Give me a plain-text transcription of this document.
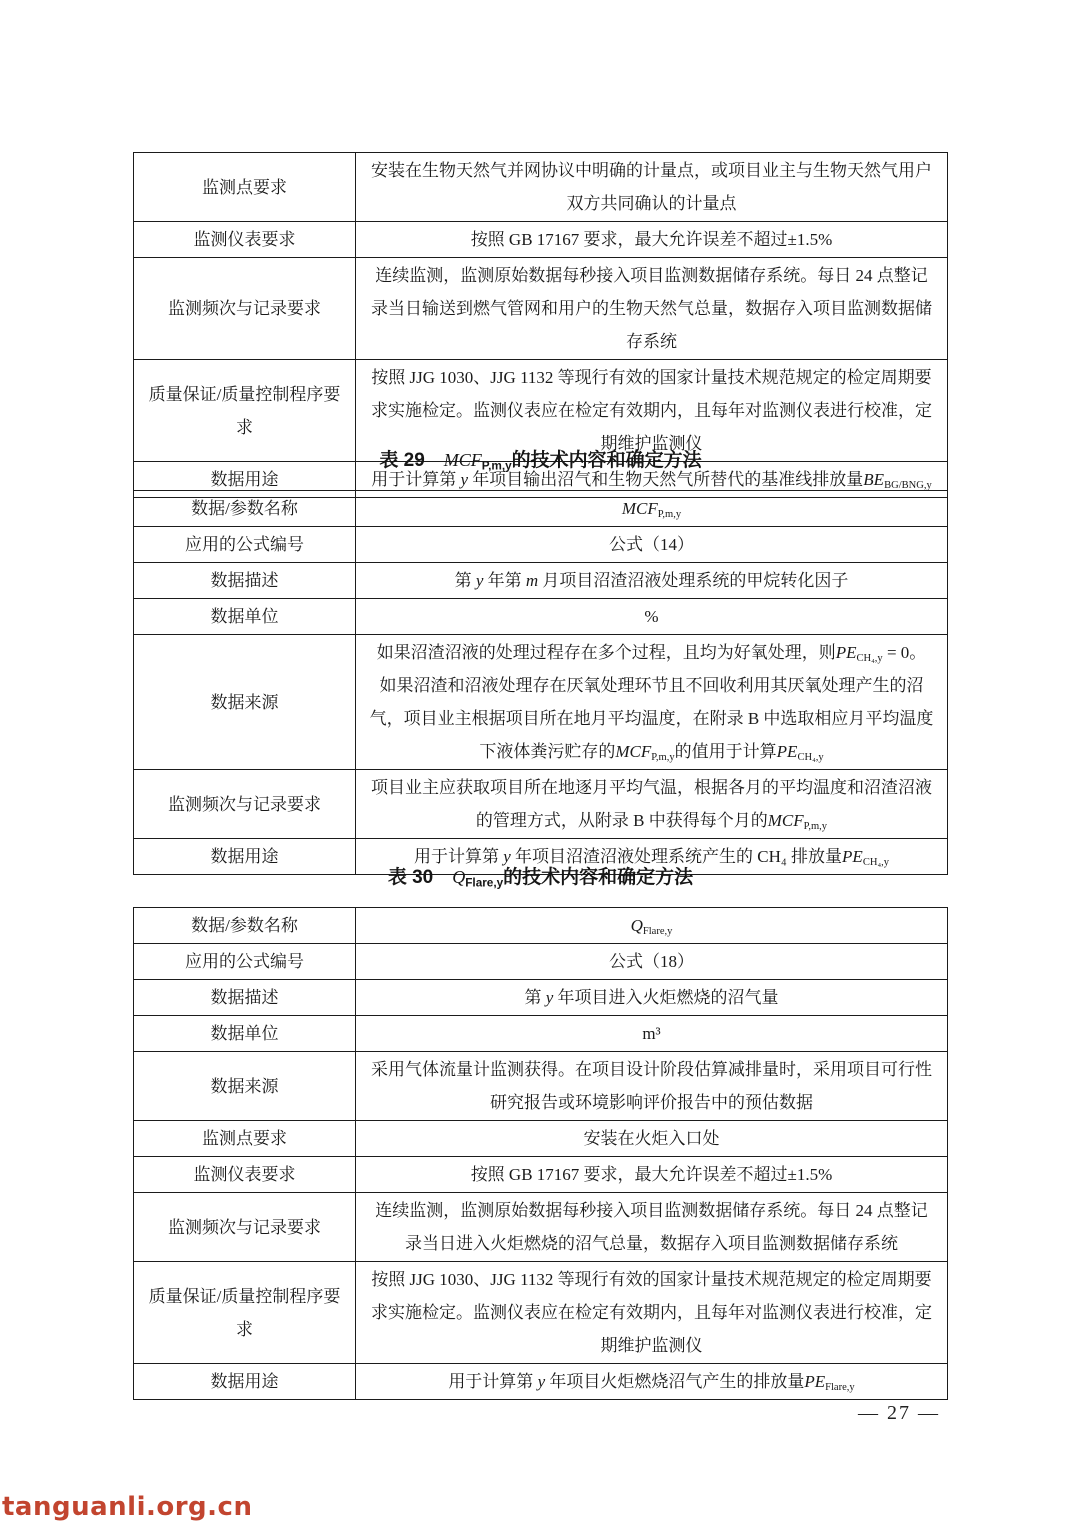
监测点要求	安装在生物天然气并网协议中明确的计量点，或项目业主与生物天然气用户双方共同确认的计量点
监测仪表要求	按照 GB 17167 要求，最大允许误差不超过±1.5%
监测频次与记录要求	连续监测，监测原始数据每秒接入项目监测数据储存系统。每日 24 点整记录当日输送到燃气管网和用户的生物天然气总量，数据存入项目监测数据储存系统
质量保证/质量控制程序要求	按照 JJG 1030、JJG 1132 等现行有效的国家计量技术规范规定的检定周期要求实施检定。监测仪表应在检定有效期内，且每年对监测仪表进行校准，定期维护监测仪
数据用途	用于计算第 y 年项目输出沼气和生物天然气所替代的基准线排放量$BE_{BG/BNG,y}$
表 29　$MCF_{P,m,y}$的技术内容和确定方法
数据/参数名称	$MCF_{P,m,y}$
应用的公式编号	公式（14）
数据描述	第 y 年第 m 月项目沼渣沼液处理系统的甲烷转化因子
数据单位	%
数据来源	如果沼渣沼液的处理过程存在多个过程，且均为好氧处理，则$PE_{CH_4,y} = 0$。如果沼渣和沼液处理存在厌氧处理环节且不回收利用其厌氧处理产生的沼气，项目业主根据项目所在地月平均温度，在附录 B 中选取相应月平均温度下液体粪污贮存的$MCF_{P,m,y}$的值用于计算$PE_{CH_4,y}$
监测频次与记录要求	项目业主应获取项目所在地逐月平均气温，根据各月的平均温度和沼渣沼液的管理方式，从附录 B 中获得每个月的$MCF_{P,m,y}$
数据用途	用于计算第 y 年项目沼渣沼液处理系统产生的 CH₄ 排放量$PE_{CH_4,y}$
表 30　$Q_{Flare,y}$的技术内容和确定方法
数据/参数名称	$Q_{Flare,y}$
应用的公式编号	公式（18）
数据描述	第 y 年项目进入火炬燃烧的沼气量
数据单位	m³
数据来源	采用气体流量计监测获得。在项目设计阶段估算减排量时，采用项目可行性研究报告或环境影响评价报告中的预估数据
监测点要求	安装在火炬入口处
监测仪表要求	按照 GB 17167 要求，最大允许误差不超过±1.5%
监测频次与记录要求	连续监测，监测原始数据每秒接入项目监测数据储存系统。每日 24 点整记录当日进入火炬燃烧的沼气总量，数据存入项目监测数据储存系统
质量保证/质量控制程序要求	按照 JJG 1030、JJG 1132 等现行有效的国家计量技术规范规定的检定周期要求实施检定。监测仪表应在检定有效期内，且每年对监测仪表进行校准，定期维护监测仪
数据用途	用于计算第 y 年项目火炬燃烧沼气产生的排放量$PE_{Flare,y}$
— 27 —
tanguanli.org.cn
